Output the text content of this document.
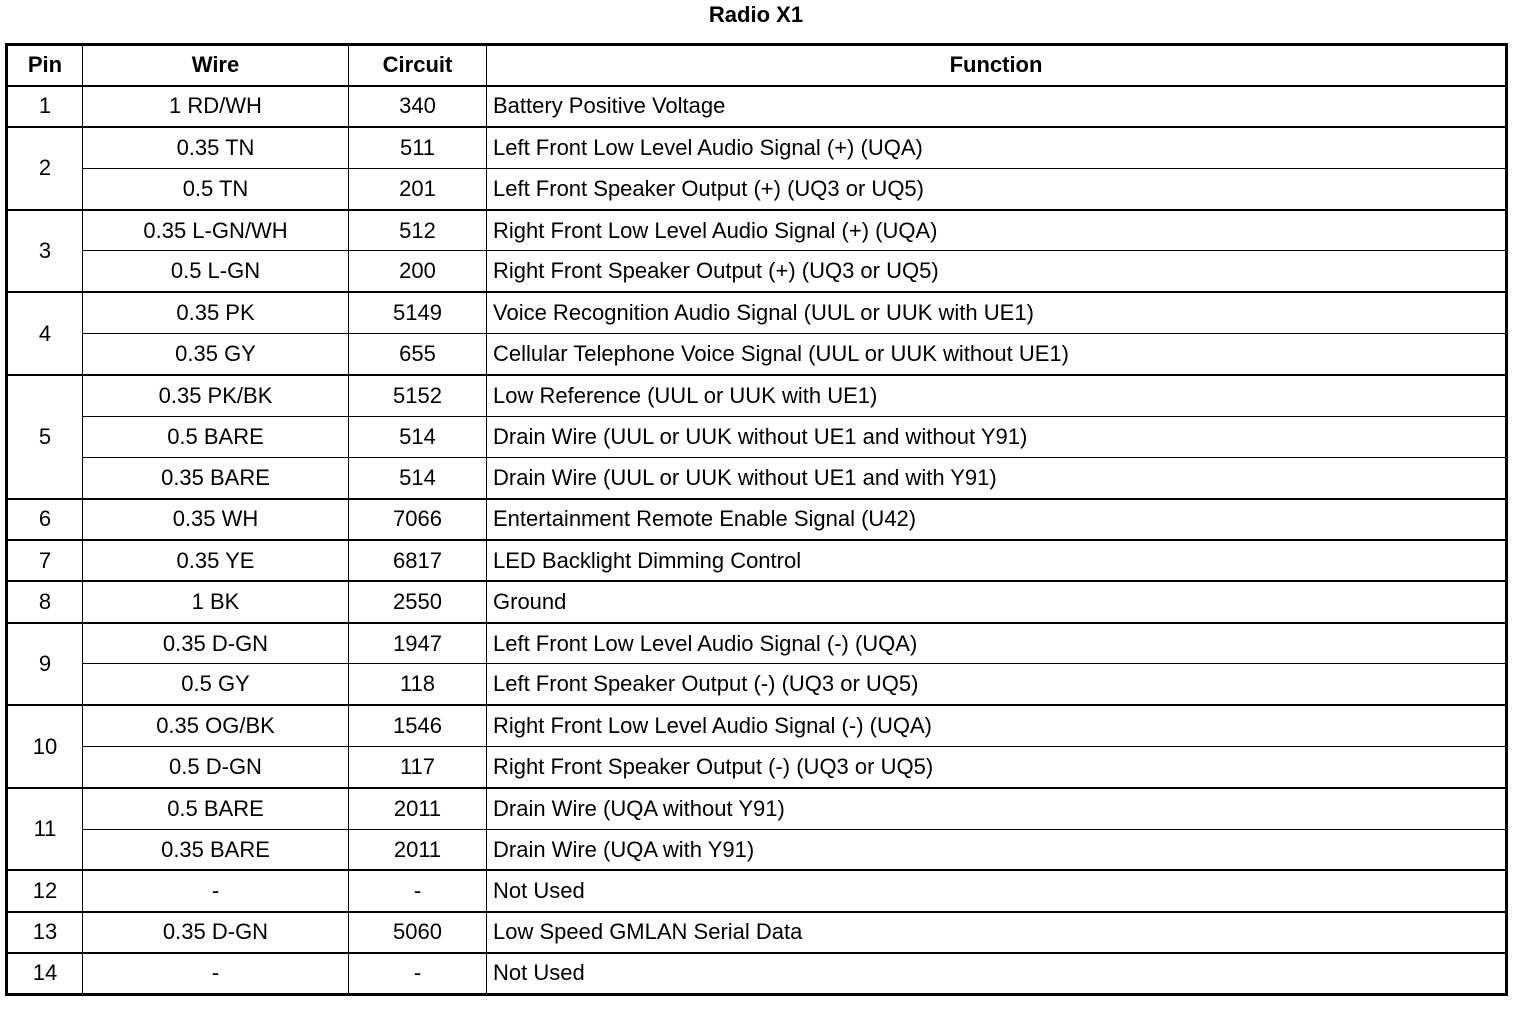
Radio X1
Pin	Wire	Circuit	Function
1	1 RD/WH	340	Battery Positive Voltage
2	0.35 TN	511	Left Front Low Level Audio Signal (+) (UQA)
	0.5 TN	201	Left Front Speaker Output (+) (UQ3 or UQ5)
3	0.35 L-GN/WH	512	Right Front Low Level Audio Signal (+) (UQA)
	0.5 L-GN	200	Right Front Speaker Output (+) (UQ3 or UQ5)
4	0.35 PK	5149	Voice Recognition Audio Signal (UUL or UUK with UE1)
	0.35 GY	655	Cellular Telephone Voice Signal (UUL or UUK without UE1)
5	0.35 PK/BK	5152	Low Reference (UUL or UUK with UE1)
	0.5 BARE	514	Drain Wire (UUL or UUK without UE1 and without Y91)
	0.35 BARE	514	Drain Wire (UUL or UUK without UE1 and with Y91)
6	0.35 WH	7066	Entertainment Remote Enable Signal (U42)
7	0.35 YE	6817	LED Backlight Dimming Control
8	1 BK	2550	Ground
9	0.35 D-GN	1947	Left Front Low Level Audio Signal (-) (UQA)
	0.5 GY	118	Left Front Speaker Output (-) (UQ3 or UQ5)
10	0.35 OG/BK	1546	Right Front Low Level Audio Signal (-) (UQA)
	0.5 D-GN	117	Right Front Speaker Output (-) (UQ3 or UQ5)
11	0.5 BARE	2011	Drain Wire (UQA without Y91)
	0.35 BARE	2011	Drain Wire (UQA with Y91)
12	-	-	Not Used
13	0.35 D-GN	5060	Low Speed GMLAN Serial Data
14	-	-	Not Used
